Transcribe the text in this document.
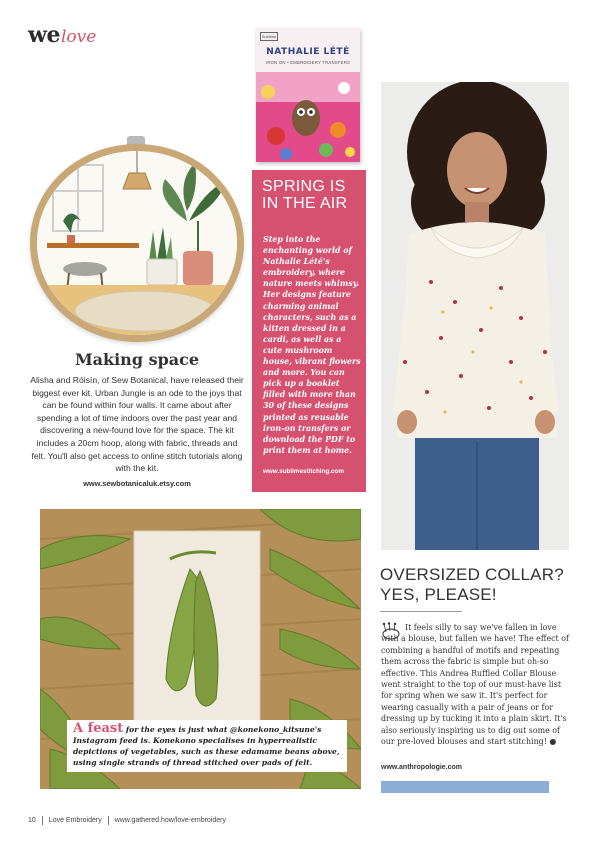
we love
Making space
Alisha and Róisín, of Sew Botanical, have released their biggest ever kit. Urban Jungle is an ode to the joys that can be found within four walls. It came about after spending a lot of time indoors over the past year and discovering a new-found love for the space. The kit includes a 20cm hoop, along with fabric, threads and felt. You'll also get access to online stitch tutorials along with the kit.
www.sewbotanicaluk.etsy.com
Sublime
NATHALIE LÉTÉ
IRON ON • EMBROIDERY TRANSFERS
SPRING IS
IN THE AIR
Step into the enchanting world of Nathalie Lété's embroidery, where nature meets whimsy. Her designs feature charming animal characters, such as a kitten dressed in a cardi, as well as a cute mushroom house, vibrant flowers and more. You can pick up a booklet filled with more than 30 of these designs printed as reusable iron-on transfers or download the PDF to print them at home.
www.sublimestitching.com
OVERSIZED COLLAR?
YES, PLEASE!
It feels silly to say we've fallen in love with a blouse, but fallen we have! The effect of combining a handful of motifs and repeating them across the fabric is simple but oh-so effective. This Andrea Ruffled Collar Blouse went straight to the top of our must-have list for spring when we saw it. It's perfect for wearing casually with a pair of jeans or for dressing up by tucking it into a plain skirt. It's also seriously inspiring us to dig out some of our pre-loved blouses and start stitching! ●
www.anthropologie.com
A feast for the eyes is just what @konekono_kitsune's Instagram feed is. Konekono specialises in hyperrealistic depictions of vegetables, such as these edamame beans above, using single strands of thread stitched over pads of felt.
10 Love Embroidery www.gathered.how/love-embroidery
